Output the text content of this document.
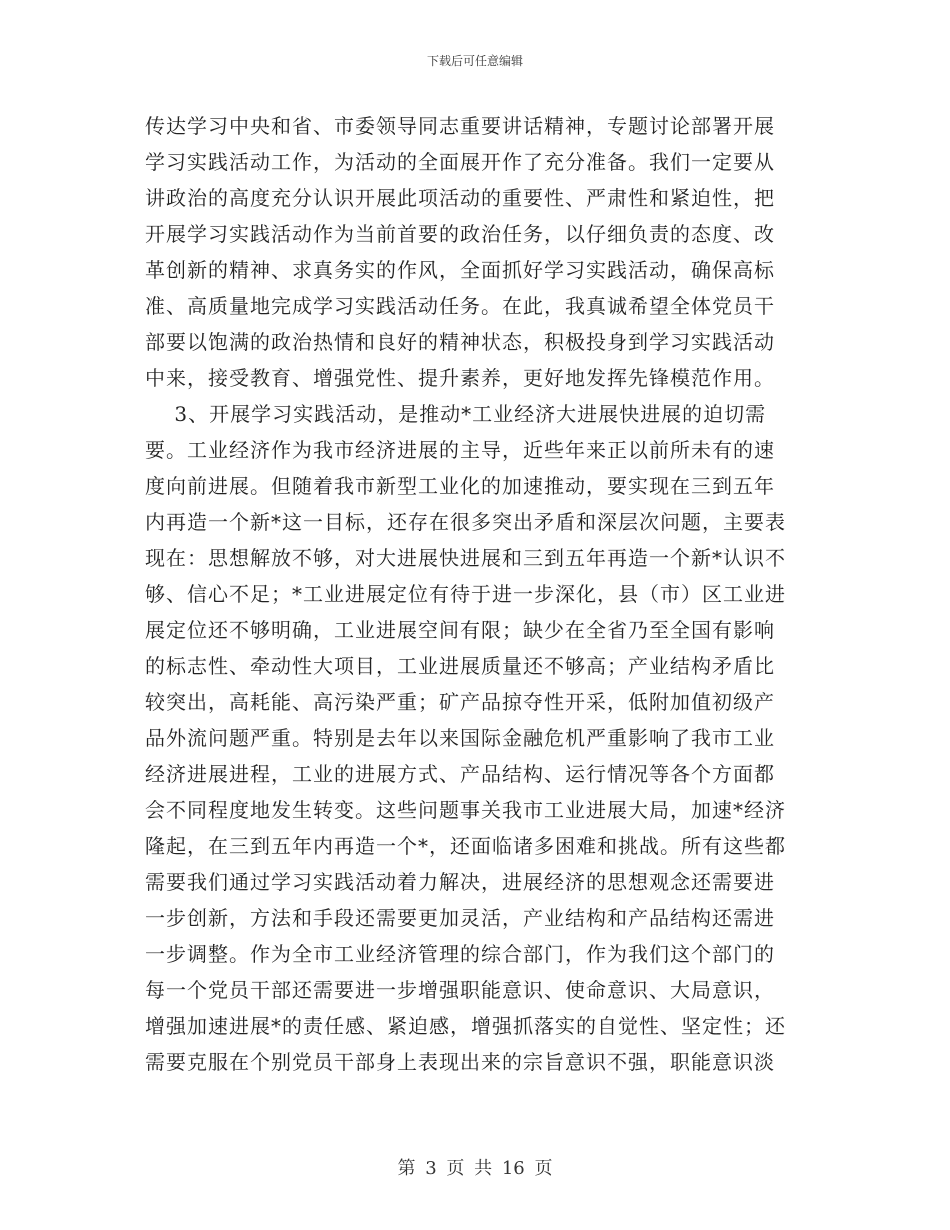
下载后可任意编辑
传达学习中央和省、市委领导同志重要讲话精神，专题讨论部署开展
学习实践活动工作，为活动的全面展开作了充分准备。我们一定要从
讲政治的高度充分认识开展此项活动的重要性、严肃性和紧迫性，把
开展学习实践活动作为当前首要的政治任务，以仔细负责的态度、改
革创新的精神、求真务实的作风，全面抓好学习实践活动，确保高标
准、高质量地完成学习实践活动任务。在此，我真诚希望全体党员干
部要以饱满的政治热情和良好的精神状态，积极投身到学习实践活动
中来，接受教育、增强党性、提升素养，更好地发挥先锋模范作用。
3、开展学习实践活动，是推动*工业经济大进展快进展的迫切需
要。工业经济作为我市经济进展的主导，近些年来正以前所未有的速
度向前进展。但随着我市新型工业化的加速推动，要实现在三到五年
内再造一个新*这一目标，还存在很多突出矛盾和深层次问题，主要表
现在：思想解放不够，对大进展快进展和三到五年再造一个新*认识不
够、信心不足；*工业进展定位有待于进一步深化，县（市）区工业进
展定位还不够明确，工业进展空间有限；缺少在全省乃至全国有影响
的标志性、牵动性大项目，工业进展质量还不够高；产业结构矛盾比
较突出，高耗能、高污染严重；矿产品掠夺性开采，低附加值初级产
品外流问题严重。特别是去年以来国际金融危机严重影响了我市工业
经济进展进程，工业的进展方式、产品结构、运行情况等各个方面都
会不同程度地发生转变。这些问题事关我市工业进展大局，加速*经济
隆起，在三到五年内再造一个*，还面临诸多困难和挑战。所有这些都
需要我们通过学习实践活动着力解决，进展经济的思想观念还需要进
一步创新，方法和手段还需要更加灵活，产业结构和产品结构还需进
一步调整。作为全市工业经济管理的综合部门，作为我们这个部门的
每一个党员干部还需要进一步增强职能意识、使命意识、大局意识，
增强加速进展*的责任感、紧迫感，增强抓落实的自觉性、坚定性；还
需要克服在个别党员干部身上表现出来的宗旨意识不强，职能意识淡
第 3 页 共 16 页
